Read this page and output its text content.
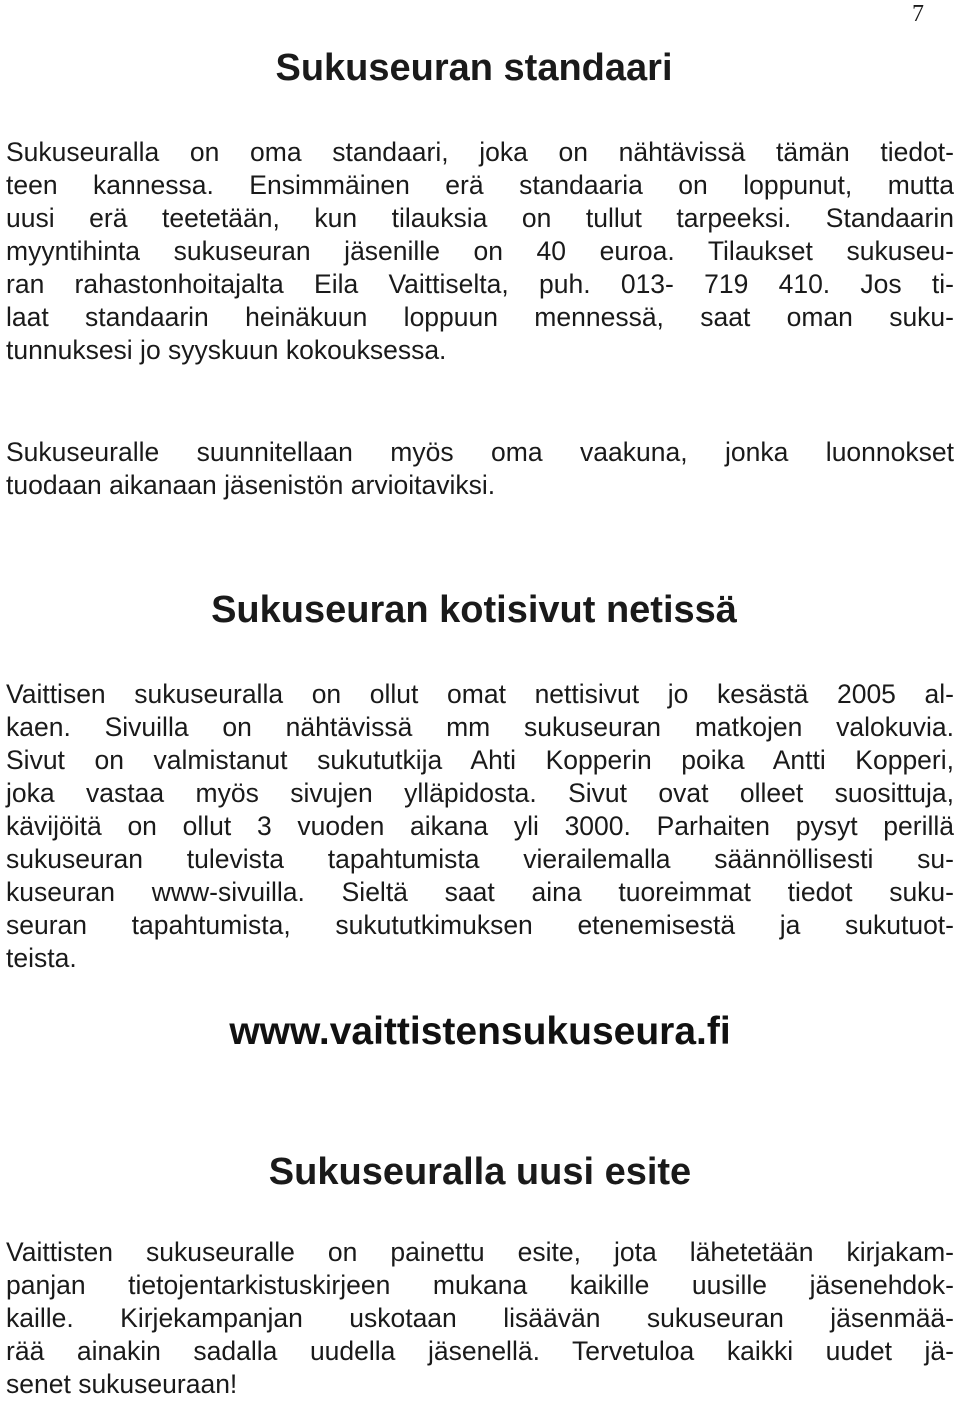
7
Sukuseuran standaari
Sukuseuralla on oma standaari, joka on nähtävissä tämän tiedot-
teen kannessa. Ensimmäinen erä standaaria on loppunut, mutta
uusi erä teetetään, kun tilauksia on tullut tarpeeksi. Standaarin
myyntihinta sukuseuran jäsenille on 40 euroa. Tilaukset sukuseu-
ran rahastonhoitajalta Eila Vaittiselta, puh. 013- 719 410. Jos ti-
laat standaarin heinäkuun loppuun mennessä, saat oman suku-
tunnuksesi jo syyskuun kokouksessa.
Sukuseuralle suunnitellaan myös oma vaakuna, jonka luonnokset
tuodaan aikanaan jäsenistön arvioitaviksi.
Sukuseuran kotisivut netissä
Vaittisen sukuseuralla on ollut omat nettisivut jo kesästä 2005 al-
kaen. Sivuilla on nähtävissä mm sukuseuran matkojen valokuvia.
Sivut on valmistanut sukututkija Ahti Kopperin poika Antti Kopperi,
joka vastaa myös sivujen ylläpidosta. Sivut ovat olleet suosittuja,
kävijöitä on ollut 3 vuoden aikana yli 3000. Parhaiten pysyt perillä
sukuseuran tulevista tapahtumista vierailemalla säännöllisesti su-
kuseuran www-sivuilla. Sieltä saat aina tuoreimmat tiedot suku-
seuran tapahtumista, sukututkimuksen etenemisestä ja sukutuot-
teista.

www.vaittistensukuseura.fi

Sukuseuralla uusi esite
Vaittisten sukuseuralle on painettu esite, jota lähetetään kirjakam-
panjan tietojentarkistuskirjeen mukana kaikille uusille jäsenehdok-
kaille. Kirjekampanjan uskotaan lisäävän sukuseuran jäsenmää-
rää ainakin sadalla uudella jäsenellä. Tervetuloa kaikki uudet jä-
senet sukuseuraan!
